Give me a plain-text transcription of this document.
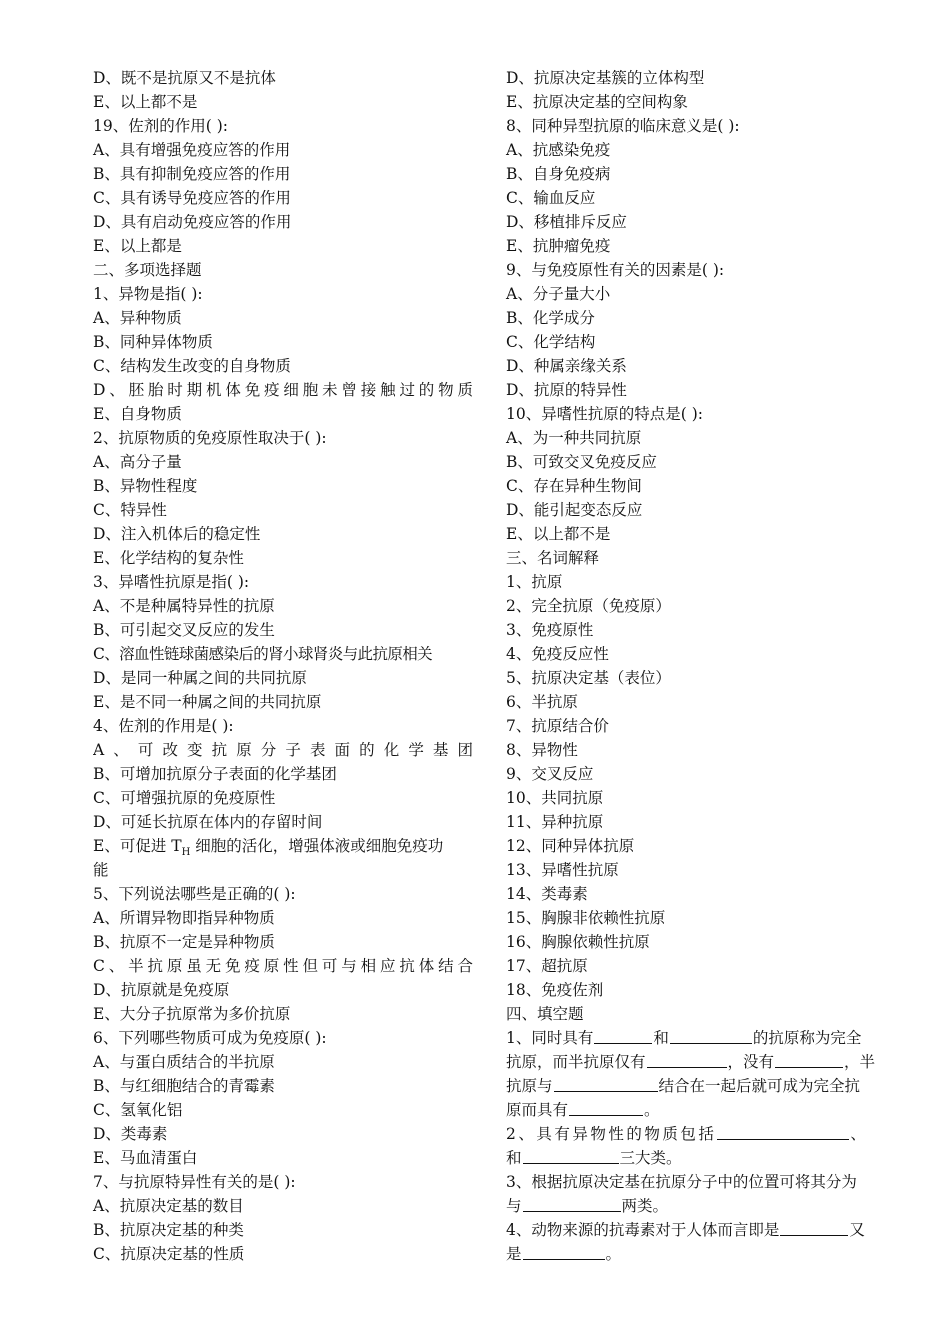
D、既不是抗原又不是抗体
E、以上都不是
19、佐剂的作用( ):
A、具有增强免疫应答的作用
B、具有抑制免疫应答的作用
C、具有诱导免疫应答的作用
D、具有启动免疫应答的作用
E、以上都是
二、多项选择题
1、异物是指( ):
A、异种物质
B、同种异体物质
C、结构发生改变的自身物质
D、胚胎时期机体免疫细胞未曾接触过的物质
E、自身物质
2、抗原物质的免疫原性取决于( ):
A、高分子量
B、异物性程度
C、特异性
D、注入机体后的稳定性
E、化学结构的复杂性
3、异嗜性抗原是指( ):
A、不是种属特异性的抗原
B、可引起交叉反应的发生
C、溶血性链球菌感染后的肾小球肾炎与此抗原相关
D、是同一种属之间的共同抗原
E、是不同一种属之间的共同抗原
4、佐剂的作用是( ):
A、可改变抗原分子表面的化学基团
B、可增加抗原分子表面的化学基团
C、可增强抗原的免疫原性
D、可延长抗原在体内的存留时间
E、可促进 $T_H$ 细胞的活化，增强体液或细胞免疫功
能
5、下列说法哪些是正确的( ):
A、所谓异物即指异种物质
B、抗原不一定是异种物质
C、半抗原虽无免疫原性但可与相应抗体结合
D、抗原就是免疫原
E、大分子抗原常为多价抗原
6、下列哪些物质可成为免疫原( ):
A、与蛋白质结合的半抗原
B、与红细胞结合的青霉素
C、氢氧化铝
D、类毒素
E、马血清蛋白
7、与抗原特异性有关的是( ):
A、抗原决定基的数目
B、抗原决定基的种类
C、抗原决定基的性质
D、抗原决定基簇的立体构型
E、抗原决定基的空间构象
8、同种异型抗原的临床意义是( ):
A、抗感染免疫
B、自身免疫病
C、输血反应
D、移植排斥反应
E、抗肿瘤免疫
9、与免疫原性有关的因素是( ):
A、分子量大小
B、化学成分
C、化学结构
D、种属亲缘关系
D、抗原的特异性
10、异嗜性抗原的特点是( ):
A、为一种共同抗原
B、可致交叉免疫反应
C、存在异种生物间
D、能引起变态反应
E、以上都不是
三、名词解释
1、抗原
2、完全抗原（免疫原）
3、免疫原性
4、免疫反应性
5、抗原决定基（表位）
6、半抗原
7、抗原结合价
8、异物性
9、交叉反应
10、共同抗原
11、异种抗原
12、同种异体抗原
13、异嗜性抗原
14、类毒素
15、胸腺非依赖性抗原
16、胸腺依赖性抗原
17、超抗原
18、免疫佐剂
四、填空题
1、同时具有	和	的抗原称为完全
抗原，而半抗原仅有	，没有	，半
抗原与	结合在一起后就可成为完全抗
原而具有	。
2、具有异物性的物质包括	、
和	三大类。
3、根据抗原决定基在抗原分子中的位置可将其分为
与	两类。
4、动物来源的抗毒素对于人体而言即是	又
是	。
